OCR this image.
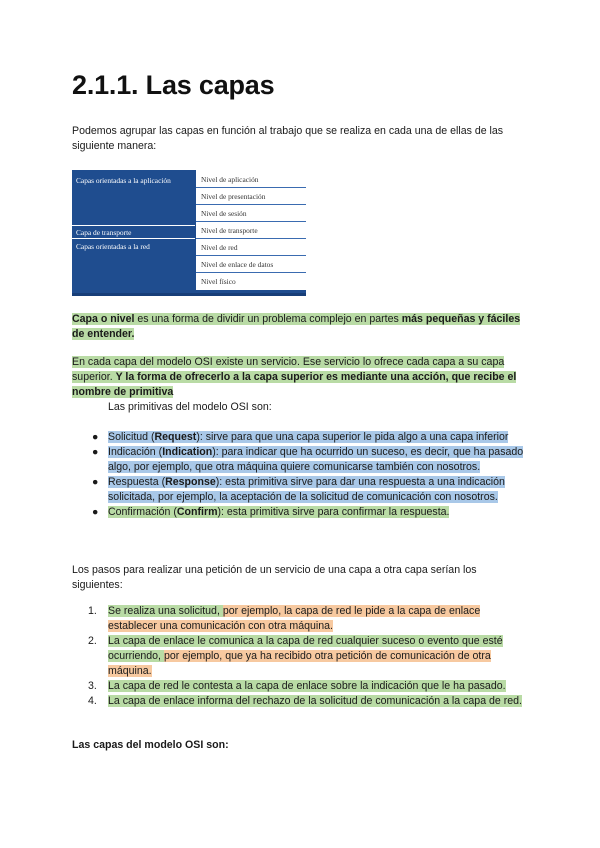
2.1.1. Las capas

Podemos agrupar las capas en función al trabajo que se realiza en cada una de ellas de las siguiente manera:

Capas orientadas a la aplicación
Capa de transporte
Capas orientadas a la red
Nivel de aplicación
Nivel de presentación
Nivel de sesión
Nivel de transporte
Nivel de red
Nivel de enlace de datos
Nivel físico

Capa o nivel es una forma de dividir un problema complejo en partes más pequeñas y fáciles de entender.

En cada capa del modelo OSI existe un servicio. Ese servicio lo ofrece cada capa a su capa superior. Y la forma de ofrecerlo a la capa superior es mediante una acción, que recibe el nombre de primitiva

Las primitivas del modelo OSI son:

● Solicitud (Request): sirve para que una capa superior le pida algo a una capa inferior
● Indicación (Indication): para indicar que ha ocurrido un suceso, es decir, que ha pasado algo, por ejemplo, que otra máquina quiere comunicarse también con nosotros.
● Respuesta (Response): esta primitiva sirve para dar una respuesta a una indicación solicitada, por ejemplo, la aceptación de la solicitud de comunicación con nosotros.
● Confirmación (Confirm): esta primitiva sirve para confirmar la respuesta.

Los pasos para realizar una petición de un servicio de una capa a otra capa serían los siguientes:

1. Se realiza una solicitud, por ejemplo, la capa de red le pide a la capa de enlace establecer una comunicación con otra máquina.
2. La capa de enlace le comunica a la capa de red cualquier suceso o evento que esté ocurriendo, por ejemplo, que ya ha recibido otra petición de comunicación de otra máquina.
3. La capa de red le contesta a la capa de enlace sobre la indicación que le ha pasado.
4. La capa de enlace informa del rechazo de la solicitud de comunicación a la capa de red.

Las capas del modelo OSI son:
